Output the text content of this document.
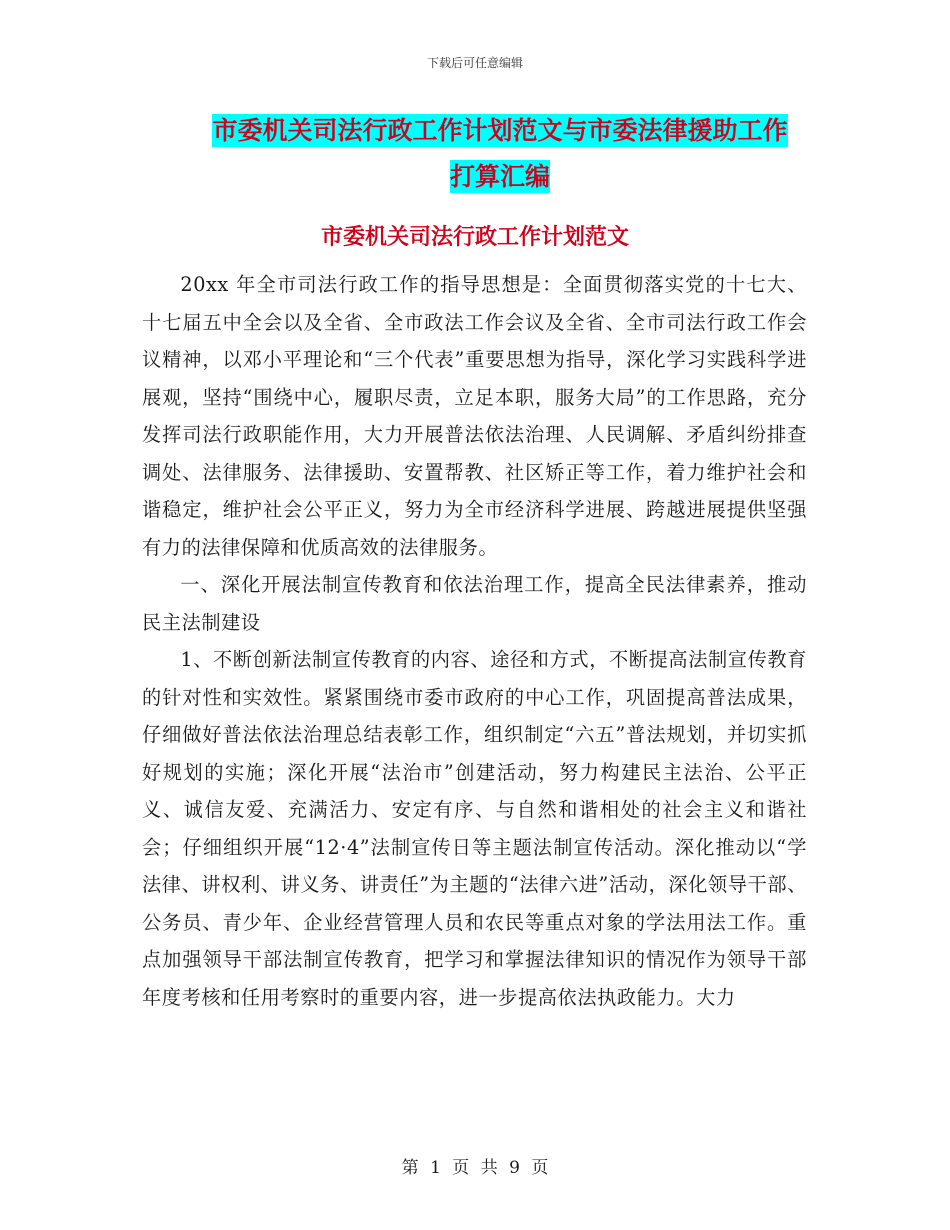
下载后可任意编辑
市委机关司法行政工作计划范文与市委法律援助工作
打算汇编
市委机关司法行政工作计划范文

20xx 年全市司法行政工作的指导思想是：全面贯彻落实党的十七大、十七届五中全会以及全省、全市政法工作会议及全省、全市司法行政工作会议精神，以邓小平理论和“三个代表”重要思想为指导，深化学习实践科学进展观，坚持“围绕中心，履职尽责，立足本职，服务大局”的工作思路，充分发挥司法行政职能作用，大力开展普法依法治理、人民调解、矛盾纠纷排查调处、法律服务、法律援助、安置帮教、社区矫正等工作，着力维护社会和谐稳定，维护社会公平正义，努力为全市经济科学进展、跨越进展提供坚强有力的法律保障和优质高效的法律服务。

一、深化开展法制宣传教育和依法治理工作，提高全民法律素养，推动民主法制建设

1、不断创新法制宣传教育的内容、途径和方式，不断提高法制宣传教育的针对性和实效性。紧紧围绕市委市政府的中心工作，巩固提高普法成果，仔细做好普法依法治理总结表彰工作，组织制定“六五”普法规划，并切实抓好规划的实施；深化开展“法治市”创建活动，努力构建民主法治、公平正义、诚信友爱、充满活力、安定有序、与自然和谐相处的社会主义和谐社会；仔细组织开展“12·4”法制宣传日等主题法制宣传活动。深化推动以“学法律、讲权利、讲义务、讲责任”为主题的“法律六进”活动，深化领导干部、公务员、青少年、企业经营管理人员和农民等重点对象的学法用法工作。重点加强领导干部法制宣传教育，把学习和掌握法律知识的情况作为领导干部年度考核和任用考察时的重要内容，进一步提高依法执政能力。大力

第 1 页 共 9 页
